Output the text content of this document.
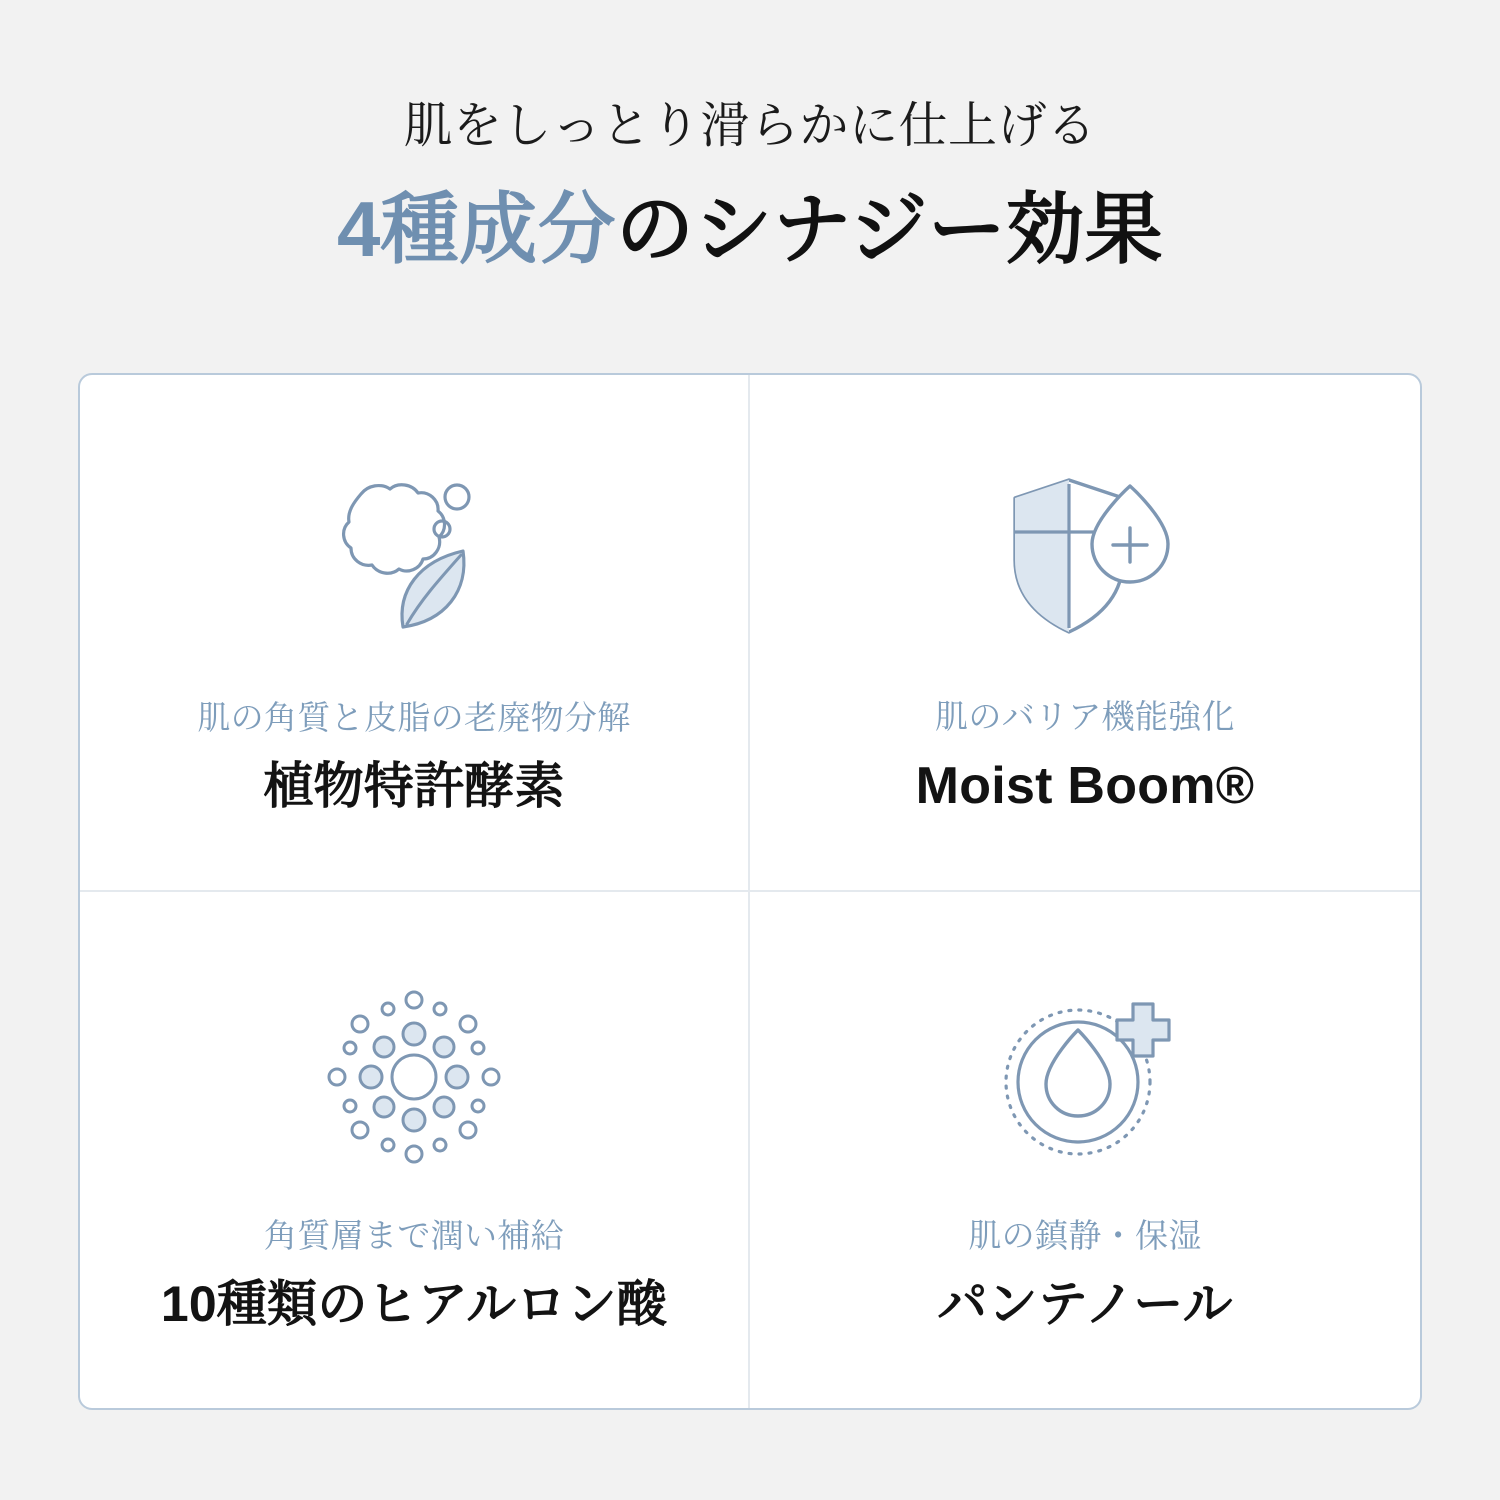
肌をしっとり滑らかに仕上げる
4種成分のシナジー効果
肌の角質と皮脂の老廃物分解
植物特許酵素
肌のバリア機能強化
Moist Boom®
角質層まで潤い補給
10種類のヒアルロン酸
肌の鎮静・保湿
パンテノール
